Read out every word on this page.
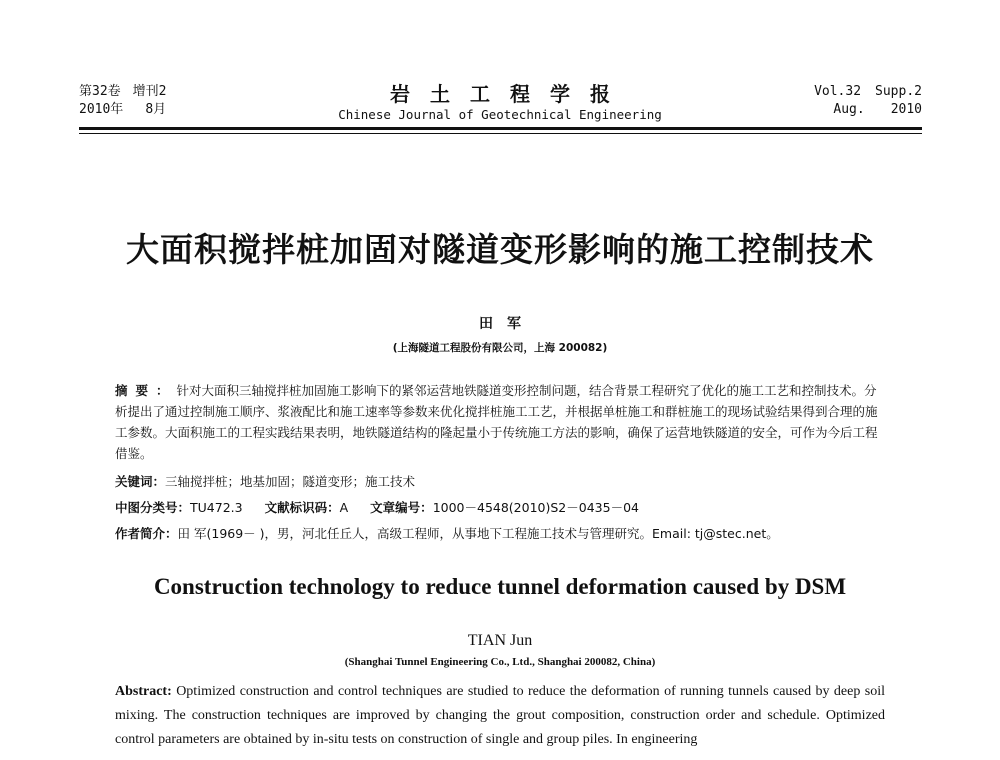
第32卷 增刊2
2010年 8月
岩土工程学报
Chinese Journal of Geotechnical Engineering
Vol.32 Supp.2
Aug. 2010
大面积搅拌桩加固对隧道变形影响的施工控制技术
田军
(上海隧道工程股份有限公司，上海 200082)

摘要：针对大面积三轴搅拌桩加固施工影响下的紧邻运营地铁隧道变形控制问题，结合背景工程研究了优化的施工工艺和控制技术。分析提出了通过控制施工顺序、浆液配比和施工速率等参数来优化搅拌桩施工工艺，并根据单桩施工和群桩施工的现场试验结果得到合理的施工参数。大面积施工的工程实践结果表明，地铁隧道结构的隆起量小于传统施工方法的影响，确保了运营地铁隧道的安全，可作为今后工程借鉴。

关键词：三轴搅拌桩；地基加固；隧道变形；施工技术
中图分类号：TU472.3 文献标识码：A 文章编号：1000－4548(2010)S2－0435－04
作者简介：田 军(1969－ )，男，河北任丘人，高级工程师，从事地下工程施工技术与管理研究。Email: tj@stec.net。
Construction technology to reduce tunnel deformation caused by DSM
TIAN Jun
(Shanghai Tunnel Engineering Co., Ltd., Shanghai 200082, China)

Abstract: Optimized construction and control techniques are studied to reduce the deformation of running tunnels caused by deep soil mixing. The construction techniques are improved by changing the grout composition, construction order and schedule. Optimized control parameters are obtained by in-situ tests on construction of single and group piles. In engineering
